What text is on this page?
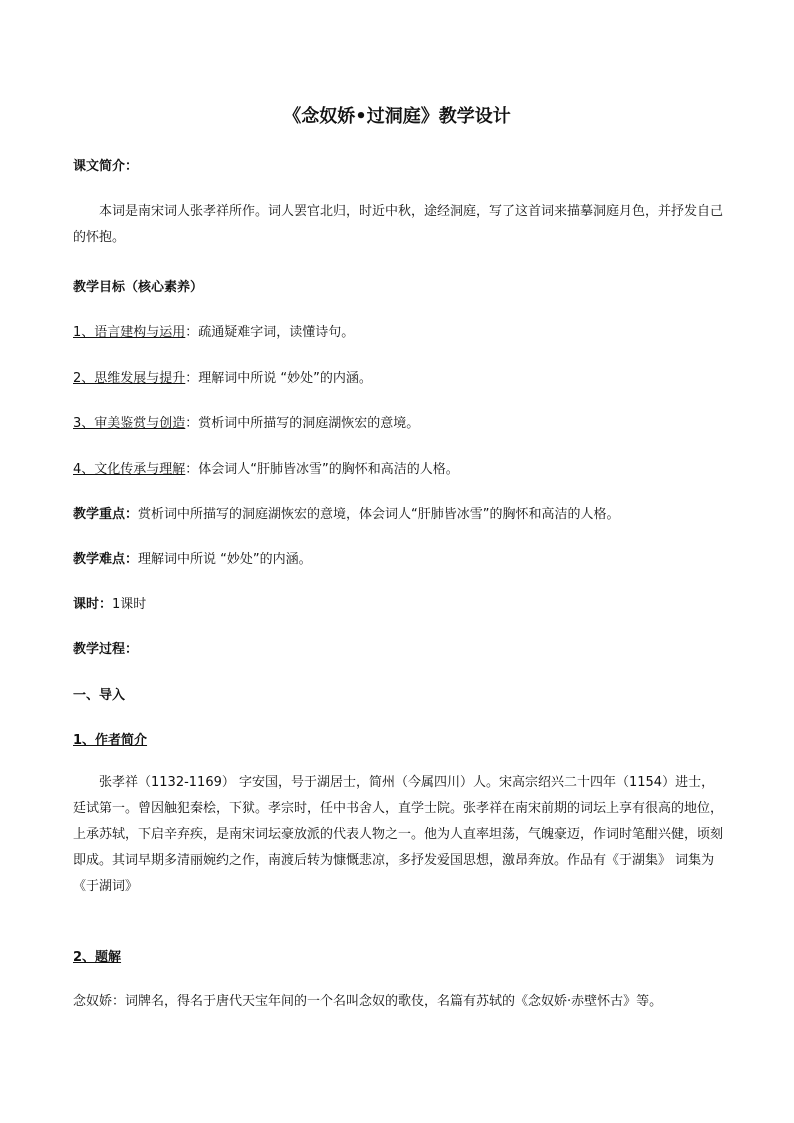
《念奴娇•过洞庭》教学设计
课文简介：
本词是南宋词人张孝祥所作。词人罢官北归，时近中秋，途经洞庭，写了这首词来描摹洞庭月色，并抒发自己的怀抱。
教学目标（核心素养）
1、语言建构与运用：疏通疑难字词，读懂诗句。
2、思维发展与提升：理解词中所说 “妙处”的内涵。
3、审美鉴赏与创造：赏析词中所描写的洞庭湖恢宏的意境。
4、文化传承与理解：体会词人“肝肺皆冰雪”的胸怀和高洁的人格。
教学重点：赏析词中所描写的洞庭湖恢宏的意境，体会词人“肝肺皆冰雪”的胸怀和高洁的人格。
教学难点：理解词中所说 “妙处”的内涵。
课时：1课时
教学过程：
一、导入
1、作者简介
张孝祥（1132-1169） 字安国，号于湖居士，简州（今属四川）人。宋高宗绍兴二十四年（1154）进士，廷试第一。曾因触犯秦桧，下狱。孝宗时，任中书舍人，直学士院。张孝祥在南宋前期的词坛上享有很高的地位，上承苏轼，下启辛弃疾，是南宋词坛豪放派的代表人物之一。他为人直率坦荡，气魄豪迈，作词时笔酣兴健，顷刻即成。其词早期多清丽婉约之作，南渡后转为慷慨悲凉，多抒发爱国思想，激昂奔放。作品有《于湖集》 词集为《于湖词》
2、题解
念奴娇：词牌名，得名于唐代天宝年间的一个名叫念奴的歌伎，名篇有苏轼的《念奴娇·赤壁怀古》等。
